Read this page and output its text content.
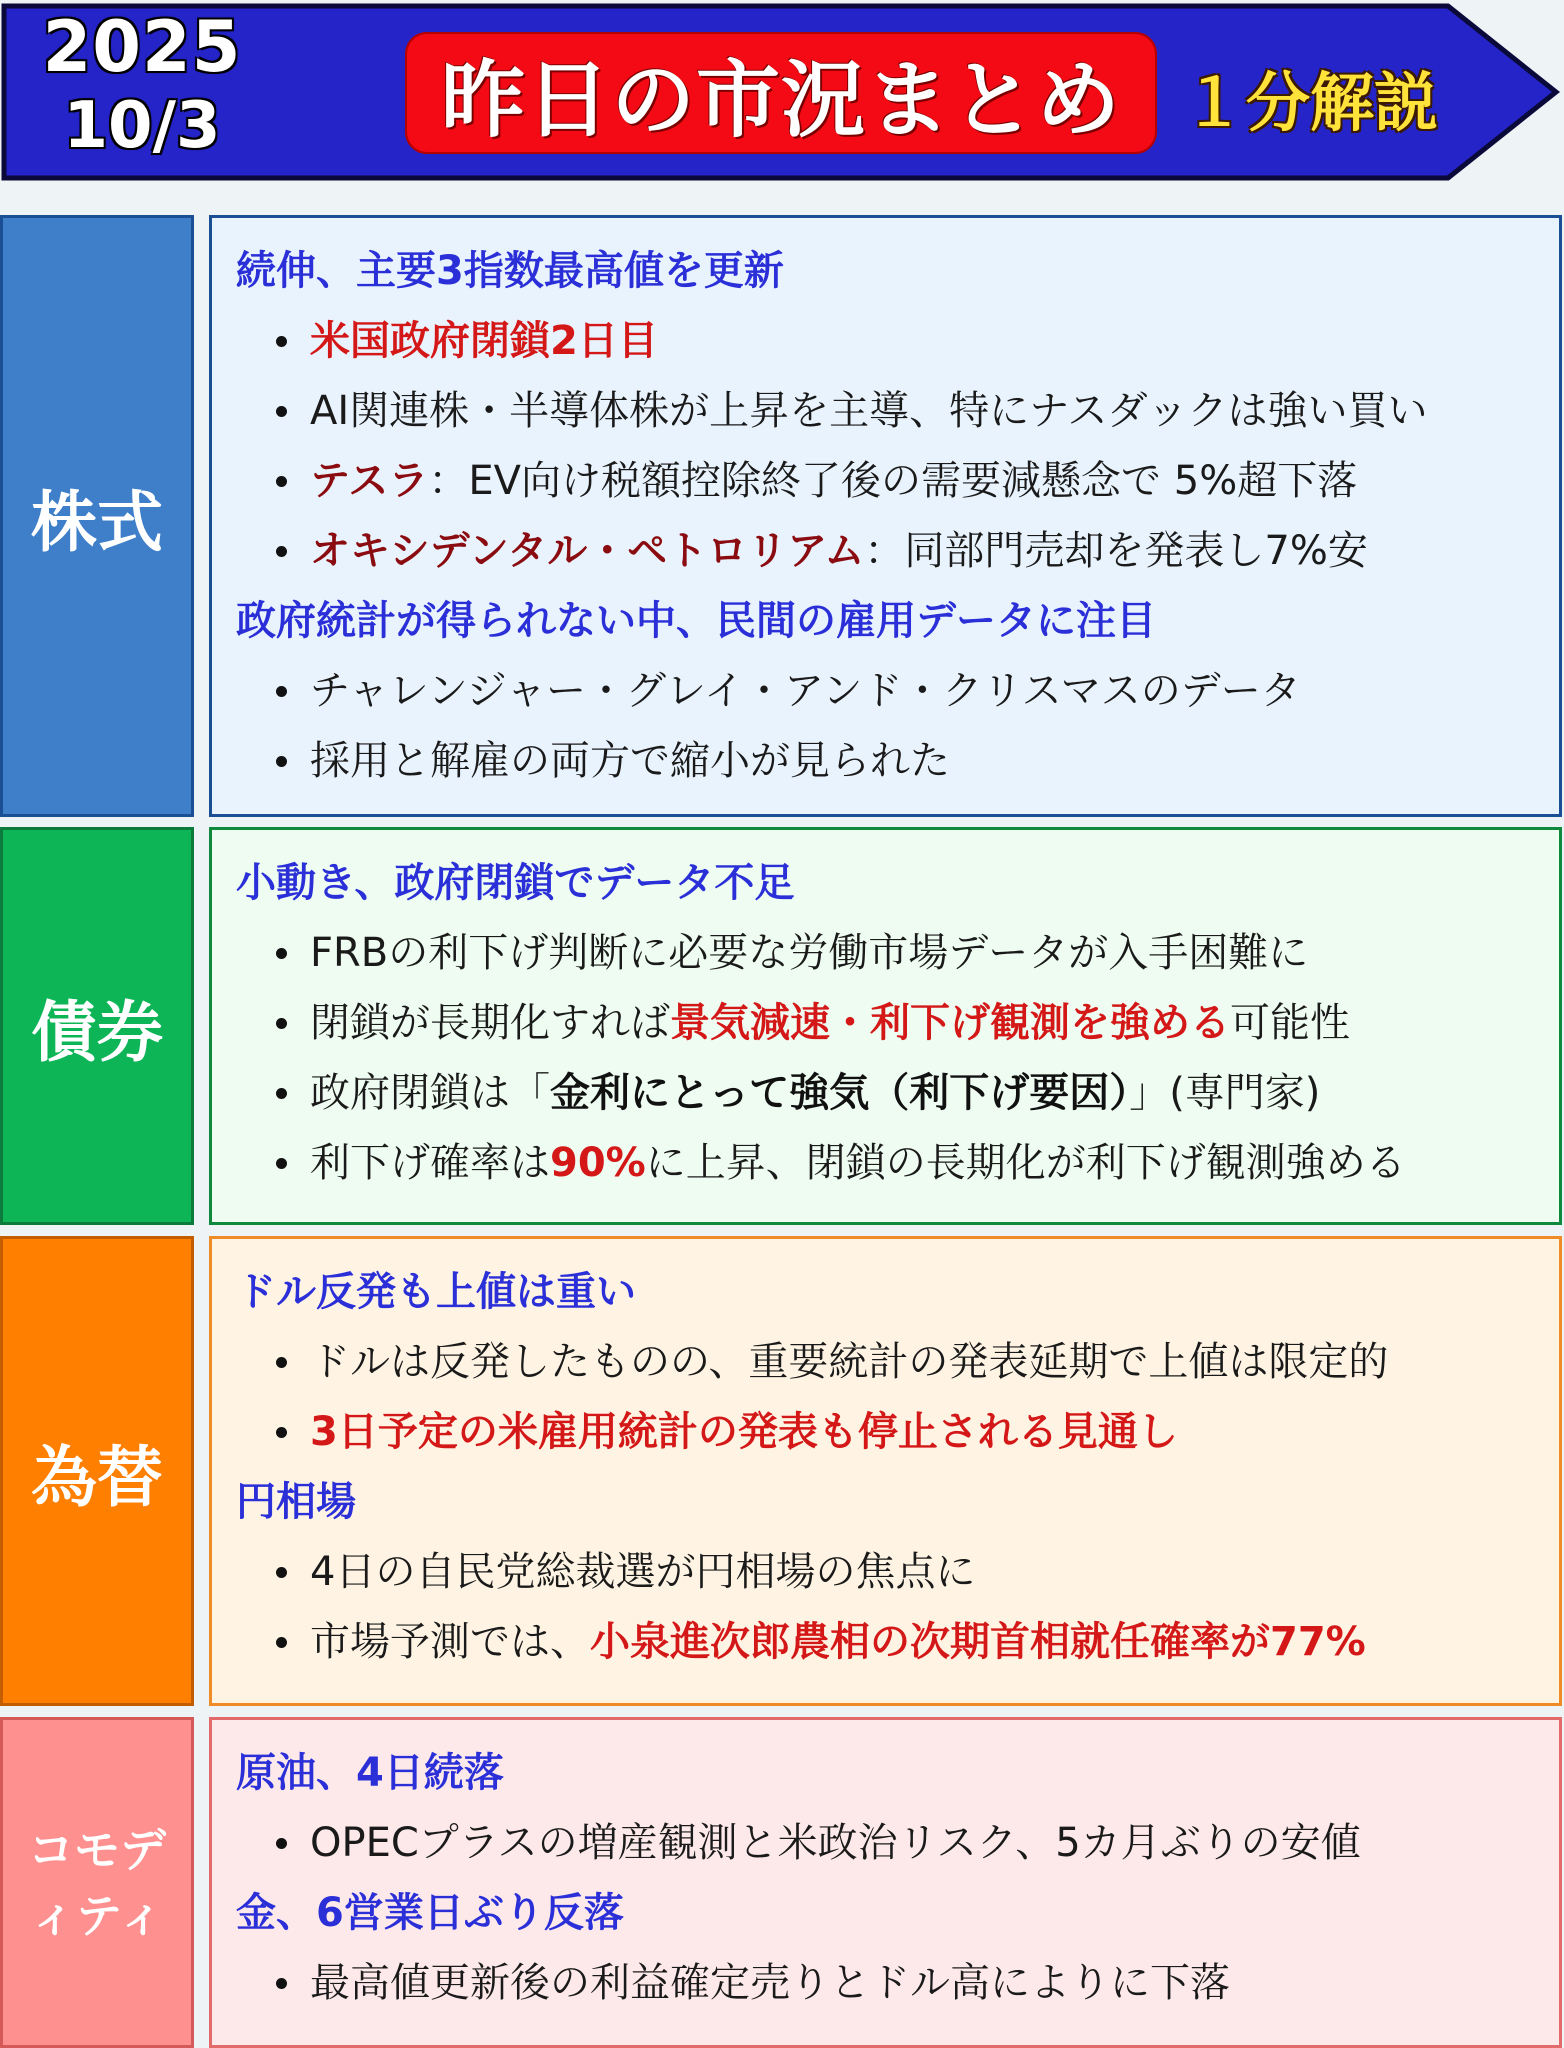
2025
10/3	昨日の市況まとめ １分解説
株式

続伸、主要3指数最高値を更新

米国政府閉鎖2日目
AI関連株・半導体株が上昇を主導、特にナスダックは強い買い
テスラ：EV向け税額控除終了後の需要減懸念で 5%超下落
オキシデンタル・ペトロリアム：同部門売却を発表し7%安

政府統計が得られない中、民間の雇用データに注目

チャレンジャー・グレイ・アンド・クリスマスのデータ
採用と解雇の両方で縮小が見られた
債券

小動き、政府閉鎖でデータ不足

FRBの利下げ判断に必要な労働市場データが入手困難に
閉鎖が長期化すれば景気減速・利下げ観測を強める可能性
政府閉鎖は「金利にとって強気（利下げ要因）」(専門家)
利下げ確率は90%に上昇、閉鎖の長期化が利下げ観測強める
為替

ドル反発も上値は重い

ドルは反発したものの、重要統計の発表延期で上値は限定的
3日予定の米雇用統計の発表も停止される見通し

円相場

4日の自民党総裁選が円相場の焦点に
市場予測では、小泉進次郎農相の次期首相就任確率が77%
コモデ
ィティ

原油、4日続落

OPECプラスの増産観測と米政治リスク、5カ月ぶりの安値

金、6営業日ぶり反落

最高値更新後の利益確定売りとドル高によりに下落
